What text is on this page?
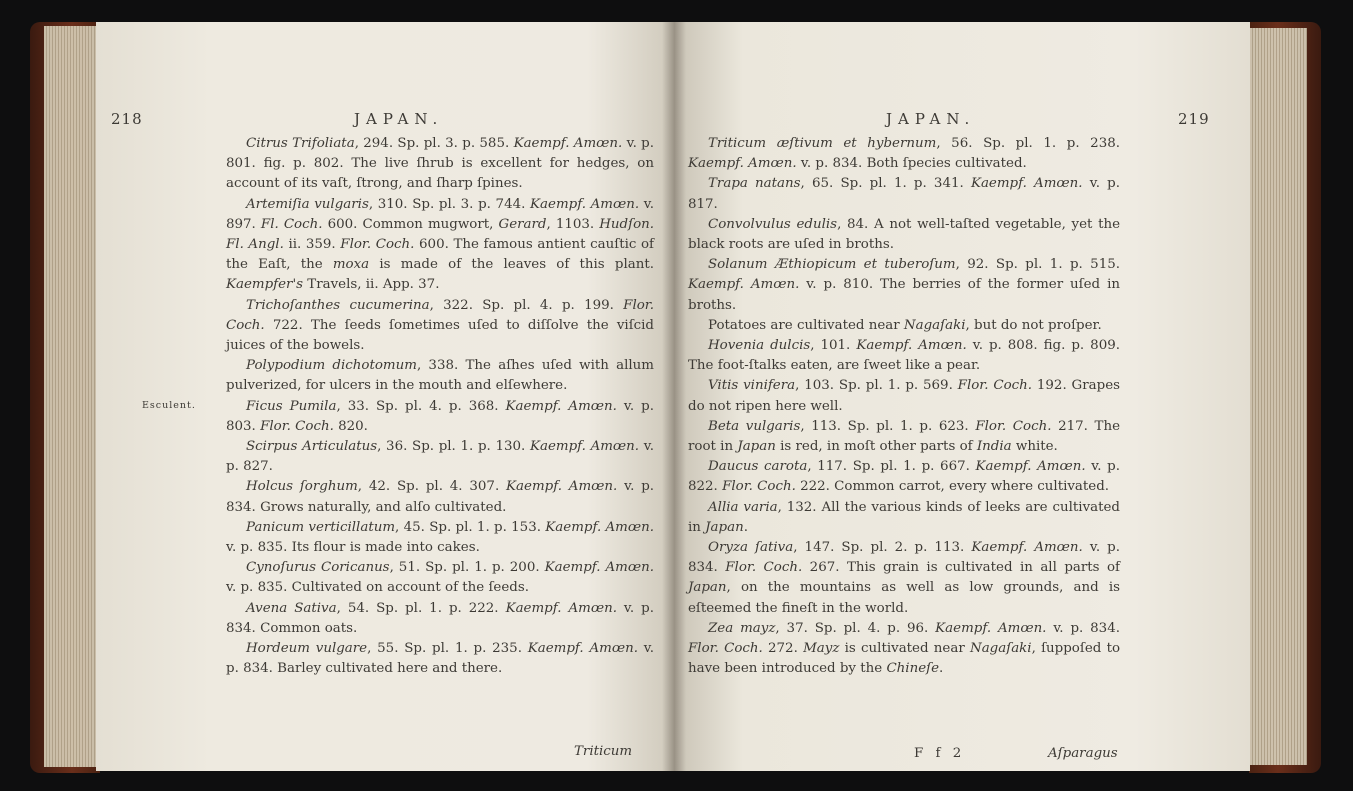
218	JAPAN.

Citrus Trifoliata, 294. Sp. pl. 3. p. 585. Kaempf. Amœn. v. p. 801. fig. p. 802. The live ſhrub is excellent for hedges, on account of its vaſt, ſtrong, and ſharp ſpines.

Artemiſia vulgaris, 310. Sp. pl. 3. p. 744. Kaempf. Amœn. v. 897. Fl. Coch. 600. Common mugwort, Gerard, 1103. Hudſon. Fl. Angl. ii. 359. Flor. Coch. 600. The famous antient cauſtic of the Eaſt, the moxa is made of the leaves of this plant. Kaempfer's Travels, ii. App. 37.

Trichoſanthes cucumerina, 322. Sp. pl. 4. p. 199. Flor. Coch. 722. The ſeeds ſometimes uſed to diſſolve the viſcid juices of the bowels.

Polypodium dichotomum, 338. The aſhes uſed with allum pulverized, for ulcers in the mouth and elſewhere.

Ficus Pumila, 33. Sp. pl. 4. p. 368. Kaempf. Amœn. v. p. 803. Flor. Coch. 820.

Scirpus Articulatus, 36. Sp. pl. 1. p. 130. Kaempf. Amœn. v. p. 827.

Holcus ſorghum, 42. Sp. pl. 4. 307. Kaempf. Amœn. v. p. 834. Grows naturally, and alſo cultivated.

Panicum verticillatum, 45. Sp. pl. 1. p. 153. Kaempf. Amœn. v. p. 835. Its flour is made into cakes.

Cynoſurus Coricanus, 51. Sp. pl. 1. p. 200. Kaempf. Amœn. v. p. 835. Cultivated on account of the ſeeds.

Avena Sativa, 54. Sp. pl. 1. p. 222. Kaempf. Amœn. v. p. 834. Common oats.

Hordeum vulgare, 55. Sp. pl. 1. p. 235. Kaempf. Amœn. v. p. 834. Barley cultivated here and there.

Esculent.
Triticum
JAPAN.	219

Triticum æſtivum et hybernum, 56. Sp. pl. 1. p. 238. Kaempf. Amœn. v. p. 834. Both ſpecies cultivated.

Trapa natans, 65. Sp. pl. 1. p. 341. Kaempf. Amœn. v. p. 817.

Convolvulus edulis, 84. A not well-taſted vegetable, yet the black roots are uſed in broths.

Solanum Æthiopicum et tuberoſum, 92. Sp. pl. 1. p. 515. Kaempf. Amœn. v. p. 810. The berries of the former uſed in broths.

Potatoes are cultivated near Nagaſaki, but do not proſper.

Hovenia dulcis, 101. Kaempf. Amœn. v. p. 808. fig. p. 809. The foot-ſtalks eaten, are ſweet like a pear.

Vitis vinifera, 103. Sp. pl. 1. p. 569. Flor. Coch. 192. Grapes do not ripen here well.

Beta vulgaris, 113. Sp. pl. 1. p. 623. Flor. Coch. 217. The root in Japan is red, in moſt other parts of India white.

Daucus carota, 117. Sp. pl. 1. p. 667. Kaempf. Amœn. v. p. 822. Flor. Coch. 222. Common carrot, every where cultivated.

Allia varia, 132. All the various kinds of leeks are cultivated in Japan.

Oryza ſativa, 147. Sp. pl. 2. p. 113. Kaempf. Amœn. v. p. 834. Flor. Coch. 267. This grain is cultivated in all parts of Japan, on the mountains as well as low grounds, and is eſteemed the fineſt in the world.

Zea mayz, 37. Sp. pl. 4. p. 96. Kaempf. Amœn. v. p. 834. Flor. Coch. 272. Mayz is cultivated near Nagaſaki, ſuppoſed to have been introduced by the Chineſe.

F f 2	Aſparagus
